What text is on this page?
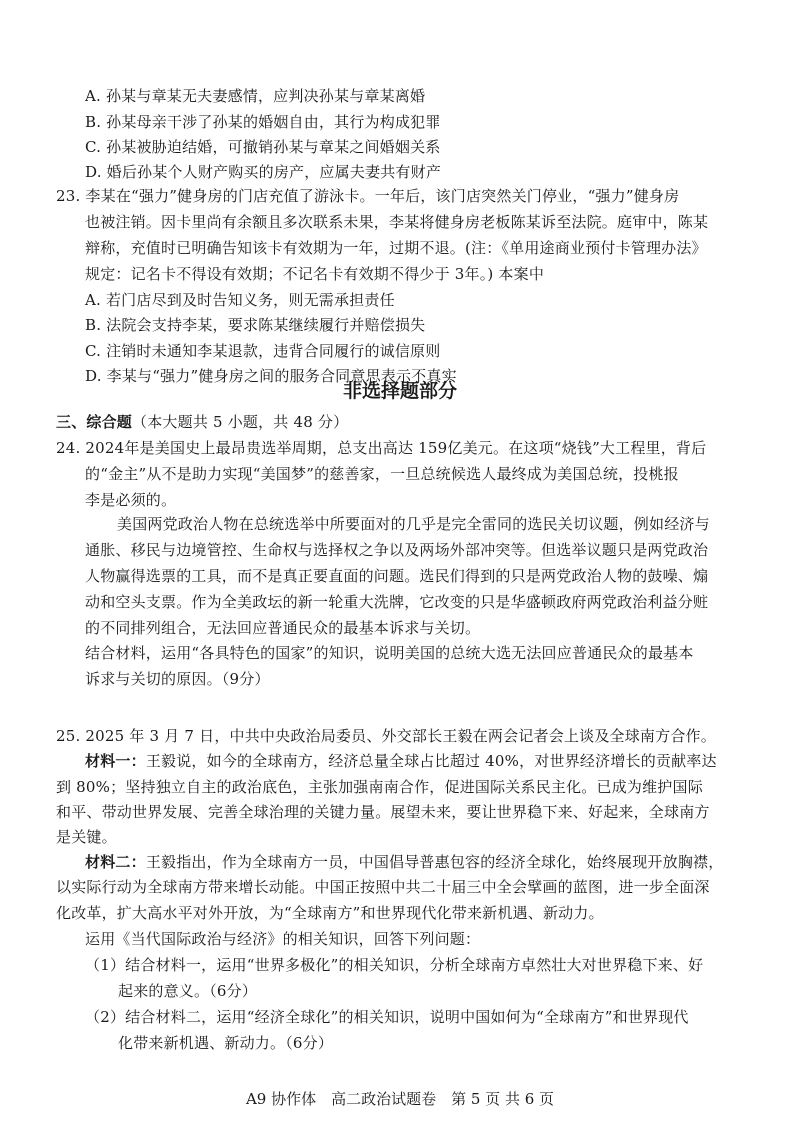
A. 孙某与章某无夫妻感情，应判决孙某与章某离婚
B. 孙某母亲干涉了孙某的婚姻自由，其行为构成犯罪
C. 孙某被胁迫结婚，可撤销孙某与章某之间婚姻关系
D. 婚后孙某个人财产购买的房产，应属夫妻共有财产
23. 李某在“强力”健身房的门店充值了游泳卡。一年后，该门店突然关门停业，“强力”健身房
也被注销。因卡里尚有余额且多次联系未果，李某将健身房老板陈某诉至法院。庭审中，陈某
辩称，充值时已明确告知该卡有效期为一年，过期不退。(注：《单用途商业预付卡管理办法》
规定：记名卡不得设有效期；不记名卡有效期不得少于 3年。) 本案中
A. 若门店尽到及时告知义务，则无需承担责任
B. 法院会支持李某，要求陈某继续履行并赔偿损失
C. 注销时未通知李某退款，违背合同履行的诚信原则
D. 李某与“强力”健身房之间的服务合同意思表示不真实
非选择题部分
三、综合题（本大题共 5 小题，共 48 分）
24. 2024年是美国史上最昂贵选举周期，总支出高达 159亿美元。在这项“烧钱”大工程里，背后
的“金主”从不是助力实现“美国梦”的慈善家，一旦总统候选人最终成为美国总统，投桃报
李是必须的。
美国两党政治人物在总统选举中所要面对的几乎是完全雷同的选民关切议题，例如经济与
通胀、移民与边境管控、生命权与选择权之争以及两场外部冲突等。但选举议题只是两党政治
人物赢得选票的工具，而不是真正要直面的问题。选民们得到的只是两党政治人物的鼓噪、煽
动和空头支票。作为全美政坛的新一轮重大洗牌，它改变的只是华盛顿政府两党政治利益分赃
的不同排列组合，无法回应普通民众的最基本诉求与关切。
结合材料，运用“各具特色的国家”的知识，说明美国的总统大选无法回应普通民众的最基本
诉求与关切的原因。（9分）
25. 2025 年 3 月 7 日，中共中央政治局委员、外交部长王毅在两会记者会上谈及全球南方合作。
材料一：王毅说，如今的全球南方，经济总量全球占比超过 40%，对世界经济增长的贡献率达
到 80%；坚持独立自主的政治底色，主张加强南南合作，促进国际关系民主化。已成为维护国际
和平、带动世界发展、完善全球治理的关键力量。展望未来，要让世界稳下来、好起来，全球南方
是关键。
材料二：王毅指出，作为全球南方一员，中国倡导普惠包容的经济全球化，始终展现开放胸襟，
以实际行动为全球南方带来增长动能。中国正按照中共二十届三中全会擘画的蓝图，进一步全面深
化改革，扩大高水平对外开放，为“全球南方”和世界现代化带来新机遇、新动力。
运用《当代国际政治与经济》的相关知识，回答下列问题：
（1）结合材料一，运用“世界多极化”的相关知识，分析全球南方卓然壮大对世界稳下来、好
起来的意义。（6分）
（2）结合材料二，运用“经济全球化”的相关知识，说明中国如何为“全球南方”和世界现代
化带来新机遇、新动力。（6分）
A9 协作体　高二政治试题卷　第 5 页 共 6 页
